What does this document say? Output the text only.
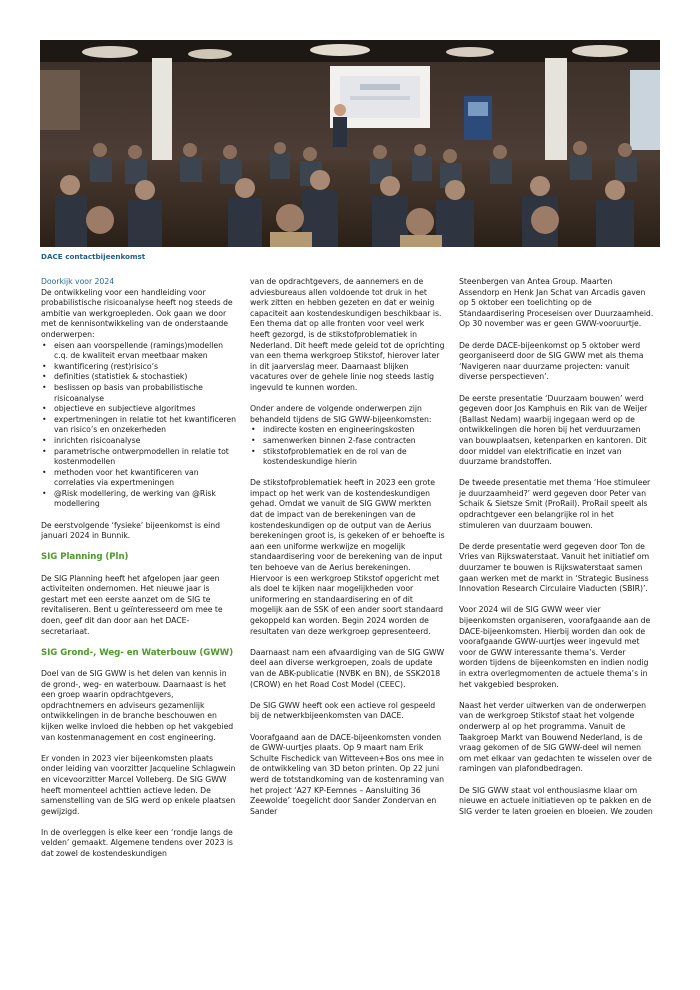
DACE contactbijeenkomst

Doorkijk voor 2024

De ontwikkeling voor een handleiding voor probabilistische risicoanalyse heeft nog steeds de ambitie van werkgroepleden. Ook gaan we door met de kennisontwikkeling van de onderstaande onderwerpen:

• eisen aan voorspellende (ramings)modellen c.q. de kwaliteit ervan meetbaar maken
• kwantificering (rest)risico’s
• definities (statistiek & stochastiek)
• beslissen op basis van probabilistische risicoanalyse
• objectieve en subjectieve algoritmes
• expertmeningen in relatie tot het kwantificeren van risico’s en onzekerheden
• inrichten risicoanalyse
• parametrische ontwerpmodellen in relatie tot kostenmodellen
• methoden voor het kwantificeren van correlaties via expertmeningen
• @Risk modellering, de werking van @Risk modellering

De eerstvolgende ‘fysieke’ bijeenkomst is eind januari 2024 in Bunnik.

SIG Planning (Pln)

De SIG Planning heeft het afgelopen jaar geen activiteiten ondernomen. Het nieuwe jaar is gestart met een eerste aanzet om de SIG te revitaliseren. Bent u geïnteresseerd om mee te doen, geef dit dan door aan het DACE-secretariaat.

SIG Grond-, Weg- en Waterbouw (GWW)

Doel van de SIG GWW is het delen van kennis in de grond-, weg- en waterbouw. Daarnaast is het een groep waarin opdrachtgevers, opdrachtnemers en adviseurs gezamenlijk ontwikkelingen in de branche beschouwen en kijken welke invloed die hebben op het vakgebied van kostenmanagement en cost engineering.

Er vonden in 2023 vier bijeenkomsten plaats onder leiding van voorzitter Jacqueline Schlagwein en vicevoorzitter Marcel Volleberg. De SIG GWW heeft momenteel achttien actieve leden. De samenstelling van de SIG werd op enkele plaatsen gewijzigd.

In de overleggen is elke keer een ‘rondje langs de velden’ gemaakt. Algemene tendens over 2023 is dat zowel de kostendeskundigen

van de opdrachtgevers, de aannemers en de adviesbureaus allen voldoende tot druk in het werk zitten en hebben gezeten en dat er weinig capaciteit aan kostendeskundigen beschikbaar is. Een thema dat op alle fronten voor veel werk heeft gezorgd, is de stikstofproblematiek in Nederland. Dit heeft mede geleid tot de oprichting van een thema werkgroep Stikstof, hierover later in dit jaarverslag meer. Daarnaast blijken vacatures over de gehele linie nog steeds lastig ingevuld te kunnen worden.

Onder andere de volgende onderwerpen zijn behandeld tijdens de SIG GWW-bijeenkomsten:

• indirecte kosten en engineeringskosten
• samenwerken binnen 2-fase contracten
• stikstofproblematiek en de rol van de kostendeskundige hierin

De stikstofproblematiek heeft in 2023 een grote impact op het werk van de kostendeskundigen gehad. Omdat we vanuit de SIG GWW merkten dat de impact van de berekeningen van de kostendeskundigen op de output van de Aerius berekeningen groot is, is gekeken of er behoefte is aan een uniforme werkwijze en mogelijk standaardisering voor de berekening van de input ten behoeve van de Aerius berekeningen. Hiervoor is een werkgroep Stikstof opgericht met als doel te kijken naar mogelijkheden voor uniformering en standaardisering en of dit mogelijk aan de SSK of een ander soort standaard gekoppeld kan worden. Begin 2024 worden de resultaten van deze werkgroep gepresenteerd.

Daarnaast nam een afvaardiging van de SIG GWW deel aan diverse werkgroepen, zoals de update van de ABK-publicatie (NVBK en BN), de SSK2018 (CROW) en het Road Cost Model (CEEC).

De SIG GWW heeft ook een actieve rol gespeeld bij de netwerkbijeenkomsten van DACE.

Voorafgaand aan de DACE-bijeenkomsten vonden de GWW-uurtjes plaats. Op 9 maart nam Erik Schulte Fischedick van Witteveen+Bos ons mee in de ontwikkeling van 3D beton printen. Op 22 juni werd de totstandkoming van de kostenraming van het project ‘A27 KP-Eemnes – Aansluiting 36 Zeewolde’ toegelicht door Sander Zondervan en Sander

Steenbergen van Antea Group. Maarten Assendorp en Henk Jan Schat van Arcadis gaven op 5 oktober een toelichting op de Standaardisering Proceseisen over Duurzaamheid. Op 30 november was er geen GWW-vooruurtje.

De derde DACE-bijeenkomst op 5 oktober werd georganiseerd door de SIG GWW met als thema ‘Navigeren naar duurzame projecten: vanuit diverse perspectieven’.

De eerste presentatie ‘Duurzaam bouwen’ werd gegeven door Jos Kamphuis en Rik van de Weijer (Ballast Nedam) waarbij ingegaan werd op de ontwikkelingen die horen bij het verduurzamen van bouwplaatsen, ketenparken en kantoren. Dit door middel van elektrificatie en inzet van duurzame brandstoffen.

De tweede presentatie met thema ‘Hoe stimuleer je duurzaamheid?’ werd gegeven door Peter van Schaik & Sietsze Smit (ProRail). ProRail speelt als opdrachtgever een belangrijke rol in het stimuleren van duurzaam bouwen.

De derde presentatie werd gegeven door Ton de Vries van Rijkswaterstaat. Vanuit het initiatief om duurzamer te bouwen is Rijkswaterstaat samen gaan werken met de markt in ‘Strategic Business Innovation Research Circulaire Viaducten (SBIR)’.

Voor 2024 wil de SIG GWW weer vier bijeenkomsten organiseren, voorafgaande aan de DACE-bijeenkomsten. Hierbij worden dan ook de voorafgaande GWW-uurtjes weer ingevuld met voor de GWW interessante thema’s. Verder worden tijdens de bijeenkomsten en indien nodig in extra overlegmomenten de actuele thema’s in het vakgebied besproken.

Naast het verder uitwerken van de onderwerpen van de werkgroep Stikstof staat het volgende onderwerp al op het programma. Vanuit de Taakgroep Markt van Bouwend Nederland, is de vraag gekomen of de SIG GWW-deel wil nemen om met elkaar van gedachten te wisselen over de ramingen van plafondbedragen.

De SIG GWW staat vol enthousiasme klaar om nieuwe en actuele initiatieven op te pakken en de SIG verder te laten groeien en bloeien. We zouden
